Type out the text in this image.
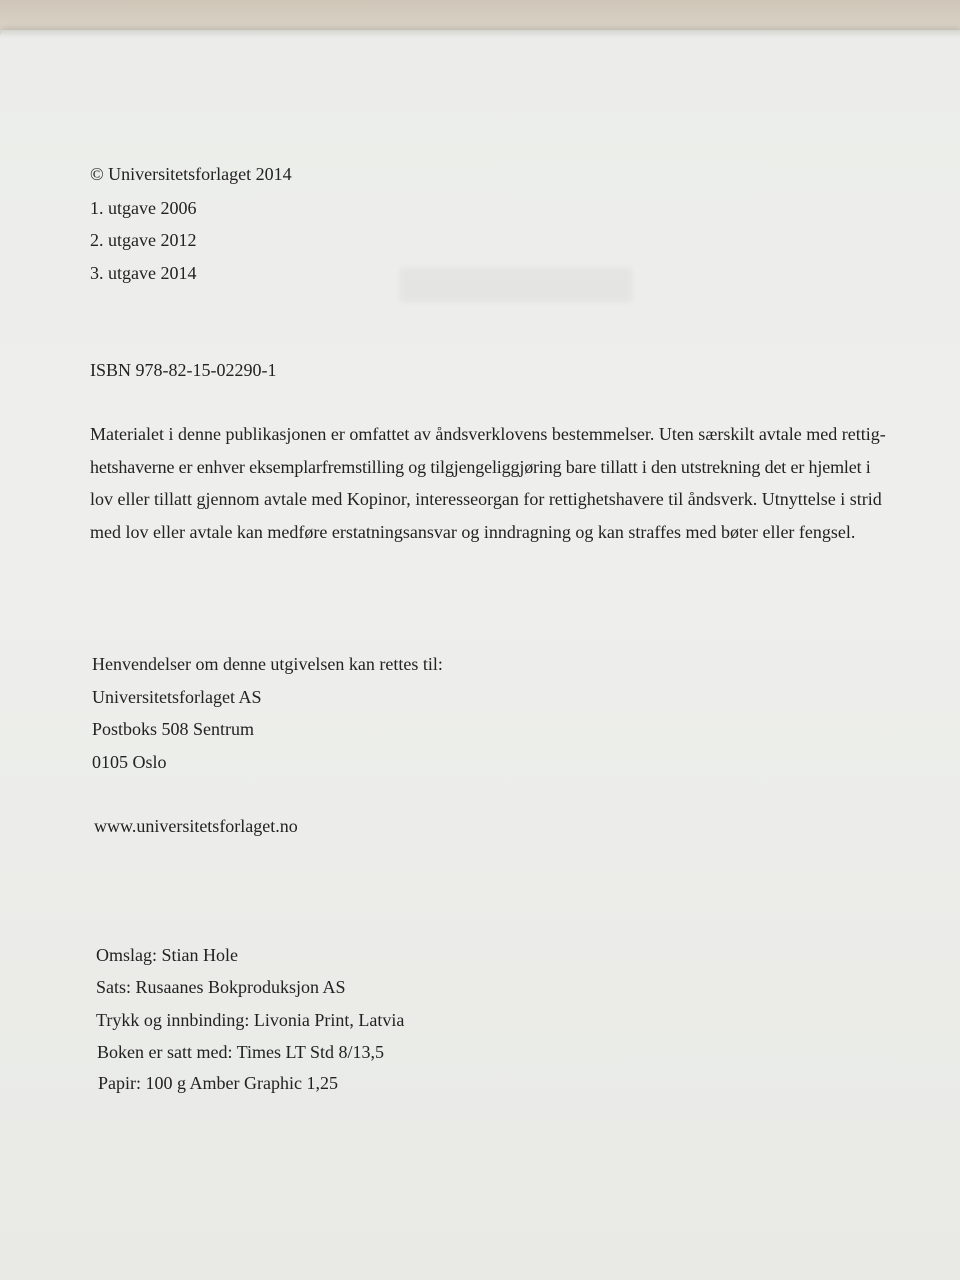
© Universitetsforlaget 2014
1. utgave 2006
2. utgave 2012
3. utgave 2014
ISBN 978-82-15-02290-1
Materialet i denne publikasjonen er omfattet av åndsverklovens bestemmelser. Uten særskilt avtale med rettig-
hetshaverne er enhver eksemplarfremstilling og tilgjengeliggjøring bare tillatt i den utstrekning det er hjemlet i
lov eller tillatt gjennom avtale med Kopinor, interesseorgan for rettighetshavere til åndsverk. Utnyttelse i strid
med lov eller avtale kan medføre erstatningsansvar og inndragning og kan straffes med bøter eller fengsel.
Henvendelser om denne utgivelsen kan rettes til:
Universitetsforlaget AS
Postboks 508 Sentrum
0105 Oslo
www.universitetsforlaget.no
Omslag: Stian Hole
Sats: Rusaanes Bokproduksjon AS
Trykk og innbinding: Livonia Print, Latvia
Boken er satt med: Times LT Std 8/13,5
Papir: 100 g Amber Graphic 1,25
